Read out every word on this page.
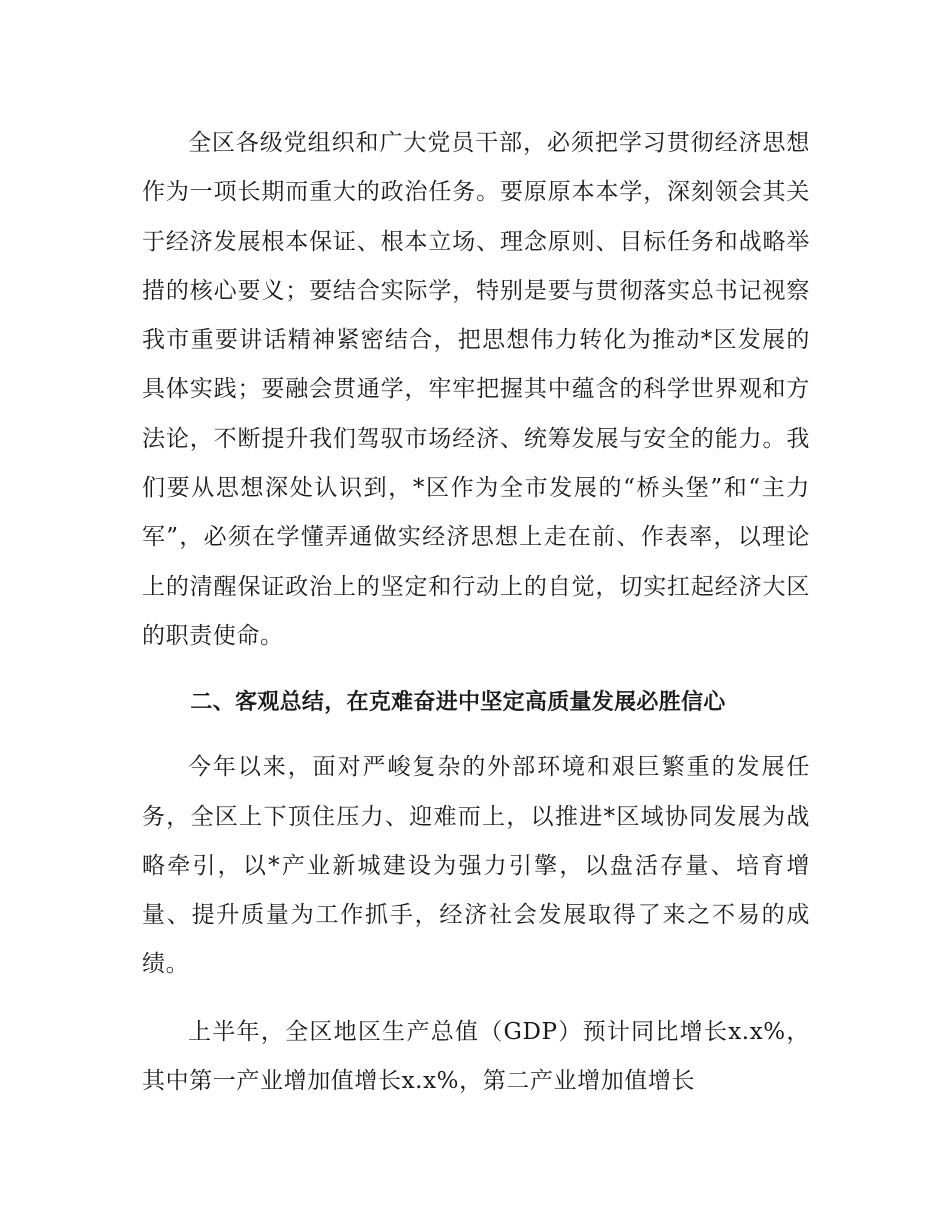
全区各级党组织和广大党员干部，必须把学习贯彻经济思想作为一项长期而重大的政治任务。要原原本本学，深刻领会其关于经济发展根本保证、根本立场、理念原则、目标任务和战略举措的核心要义；要结合实际学，特别是要与贯彻落实总书记视察我市重要讲话精神紧密结合，把思想伟力转化为推动*区发展的具体实践；要融会贯通学，牢牢把握其中蕴含的科学世界观和方法论，不断提升我们驾驭市场经济、统筹发展与安全的能力。我们要从思想深处认识到，*区作为全市发展的“桥头堡”和“主力军”，必须在学懂弄通做实经济思想上走在前、作表率，以理论上的清醒保证政治上的坚定和行动上的自觉，切实扛起经济大区的职责使命。

二、客观总结，在克难奋进中坚定高质量发展必胜信心

今年以来，面对严峻复杂的外部环境和艰巨繁重的发展任务，全区上下顶住压力、迎难而上，以推进*区域协同发展为战略牵引，以*产业新城建设为强力引擎，以盘活存量、培育增量、提升质量为工作抓手，经济社会发展取得了来之不易的成绩。

上半年，全区地区生产总值（GDP）预计同比增长x.x%，其中第一产业增加值增长x.x%，第二产业增加值增长
